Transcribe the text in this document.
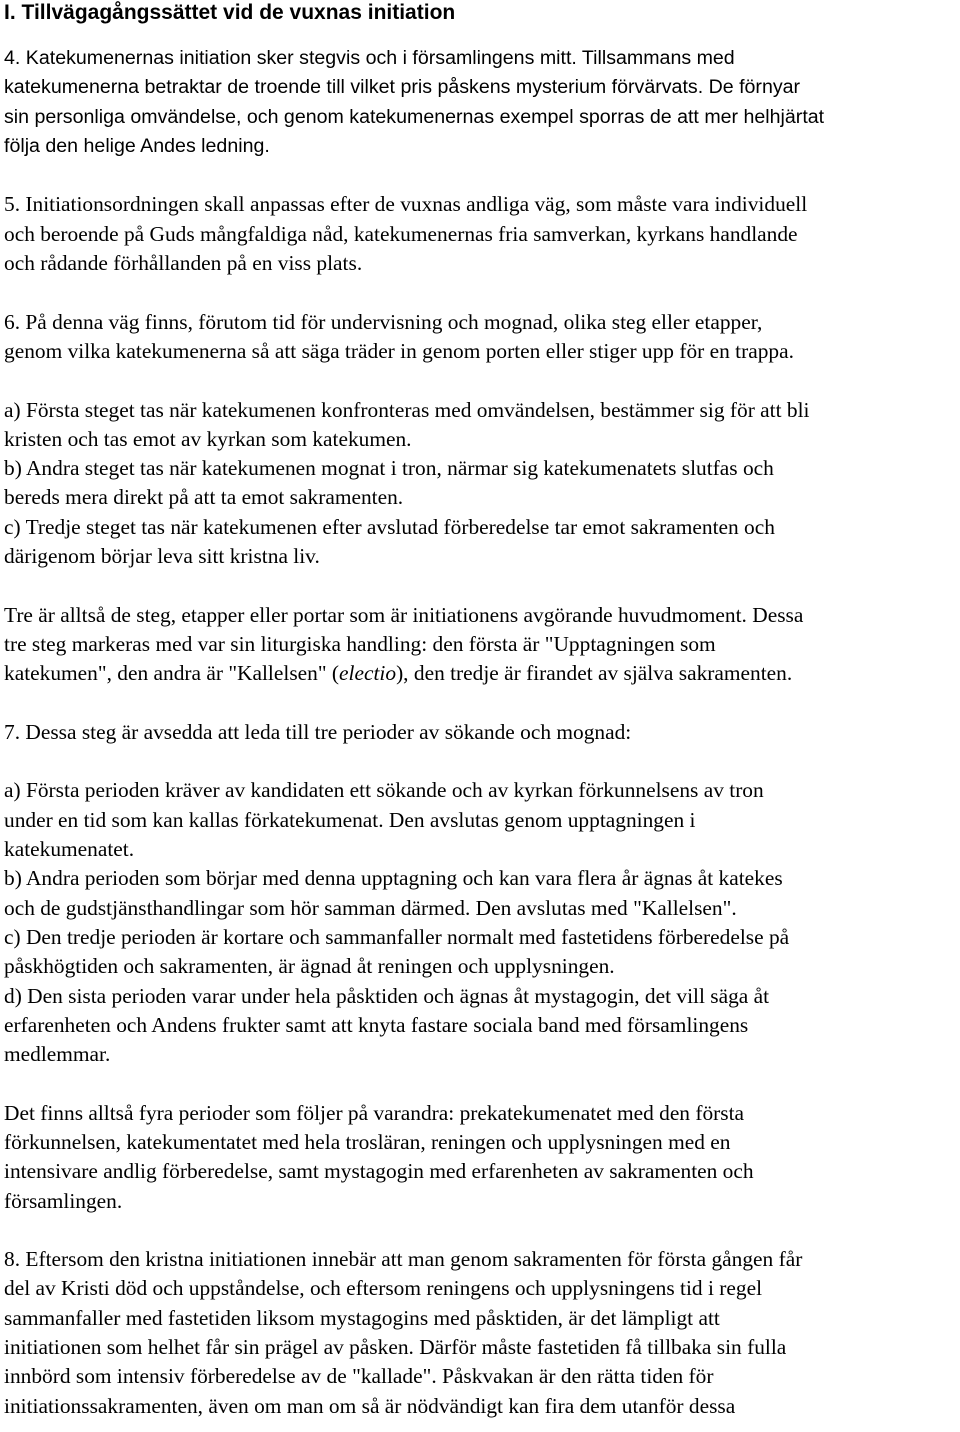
I. Tillvägagångssättet vid de vuxnas initiation

4. Katekumenernas initiation sker stegvis och i församlingens mitt. Tillsammans med
katekumenerna betraktar de troende till vilket pris påskens mysterium förvärvats. De förnyar
sin personliga omvändelse, och genom katekumenernas exempel sporras de att mer helhjärtat
följa den helige Andes ledning.

5. Initiationsordningen skall anpassas efter de vuxnas andliga väg, som måste vara individuell
och beroende på Guds mångfaldiga nåd, katekumenernas fria samverkan, kyrkans handlande
och rådande förhållanden på en viss plats.

6. På denna väg finns, förutom tid för undervisning och mognad, olika steg eller etapper,
genom vilka katekumenerna så att säga träder in genom porten eller stiger upp för en trappa.

a) Första steget tas när katekumenen konfronteras med omvändelsen, bestämmer sig för att bli
kristen och tas emot av kyrkan som katekumen.
b) Andra steget tas när katekumenen mognat i tron, närmar sig katekumenatets slutfas och
bereds mera direkt på att ta emot sakramenten.
c) Tredje steget tas när katekumenen efter avslutad förberedelse tar emot sakramenten och
därigenom börjar leva sitt kristna liv.

Tre är alltså de steg, etapper eller portar som är initiationens avgörande huvudmoment. Dessa
tre steg markeras med var sin liturgiska handling: den första är "Upptagningen som
katekumen", den andra är "Kallelsen" (electio), den tredje är firandet av själva sakramenten.

7. Dessa steg är avsedda att leda till tre perioder av sökande och mognad:

a) Första perioden kräver av kandidaten ett sökande och av kyrkan förkunnelsens av tron
under en tid som kan kallas förkatekumenat. Den avslutas genom upptagningen i
katekumenatet.
b) Andra perioden som börjar med denna upptagning och kan vara flera år ägnas åt katekes
och de gudstjänsthandlingar som hör samman därmed. Den avslutas med "Kallelsen".
c) Den tredje perioden är kortare och sammanfaller normalt med fastetidens förberedelse på
påskhögtiden och sakramenten, är ägnad åt reningen och upplysningen.
d) Den sista perioden varar under hela påsktiden och ägnas åt mystagogin, det vill säga åt
erfarenheten och Andens frukter samt att knyta fastare sociala band med församlingens
medlemmar.

Det finns alltså fyra perioder som följer på varandra: prekatekumenatet med den första
förkunnelsen, katekumentatet med hela trosläran, reningen och upplysningen med en
intensivare andlig förberedelse, samt mystagogin med erfarenheten av sakramenten och
församlingen.

8. Eftersom den kristna initiationen innebär att man genom sakramenten för första gången får
del av Kristi död och uppståndelse, och eftersom reningens och upplysningens tid i regel
sammanfaller med fastetiden liksom mystagogins med påsktiden, är det lämpligt att
initiationen som helhet får sin prägel av påsken. Därför måste fastetiden få tillbaka sin fulla
innbörd som intensiv förberedelse av de "kallade". Påskvakan är den rätta tiden för
initiationssakramenten, även om man om så är nödvändigt kan fira dem utanför dessa
